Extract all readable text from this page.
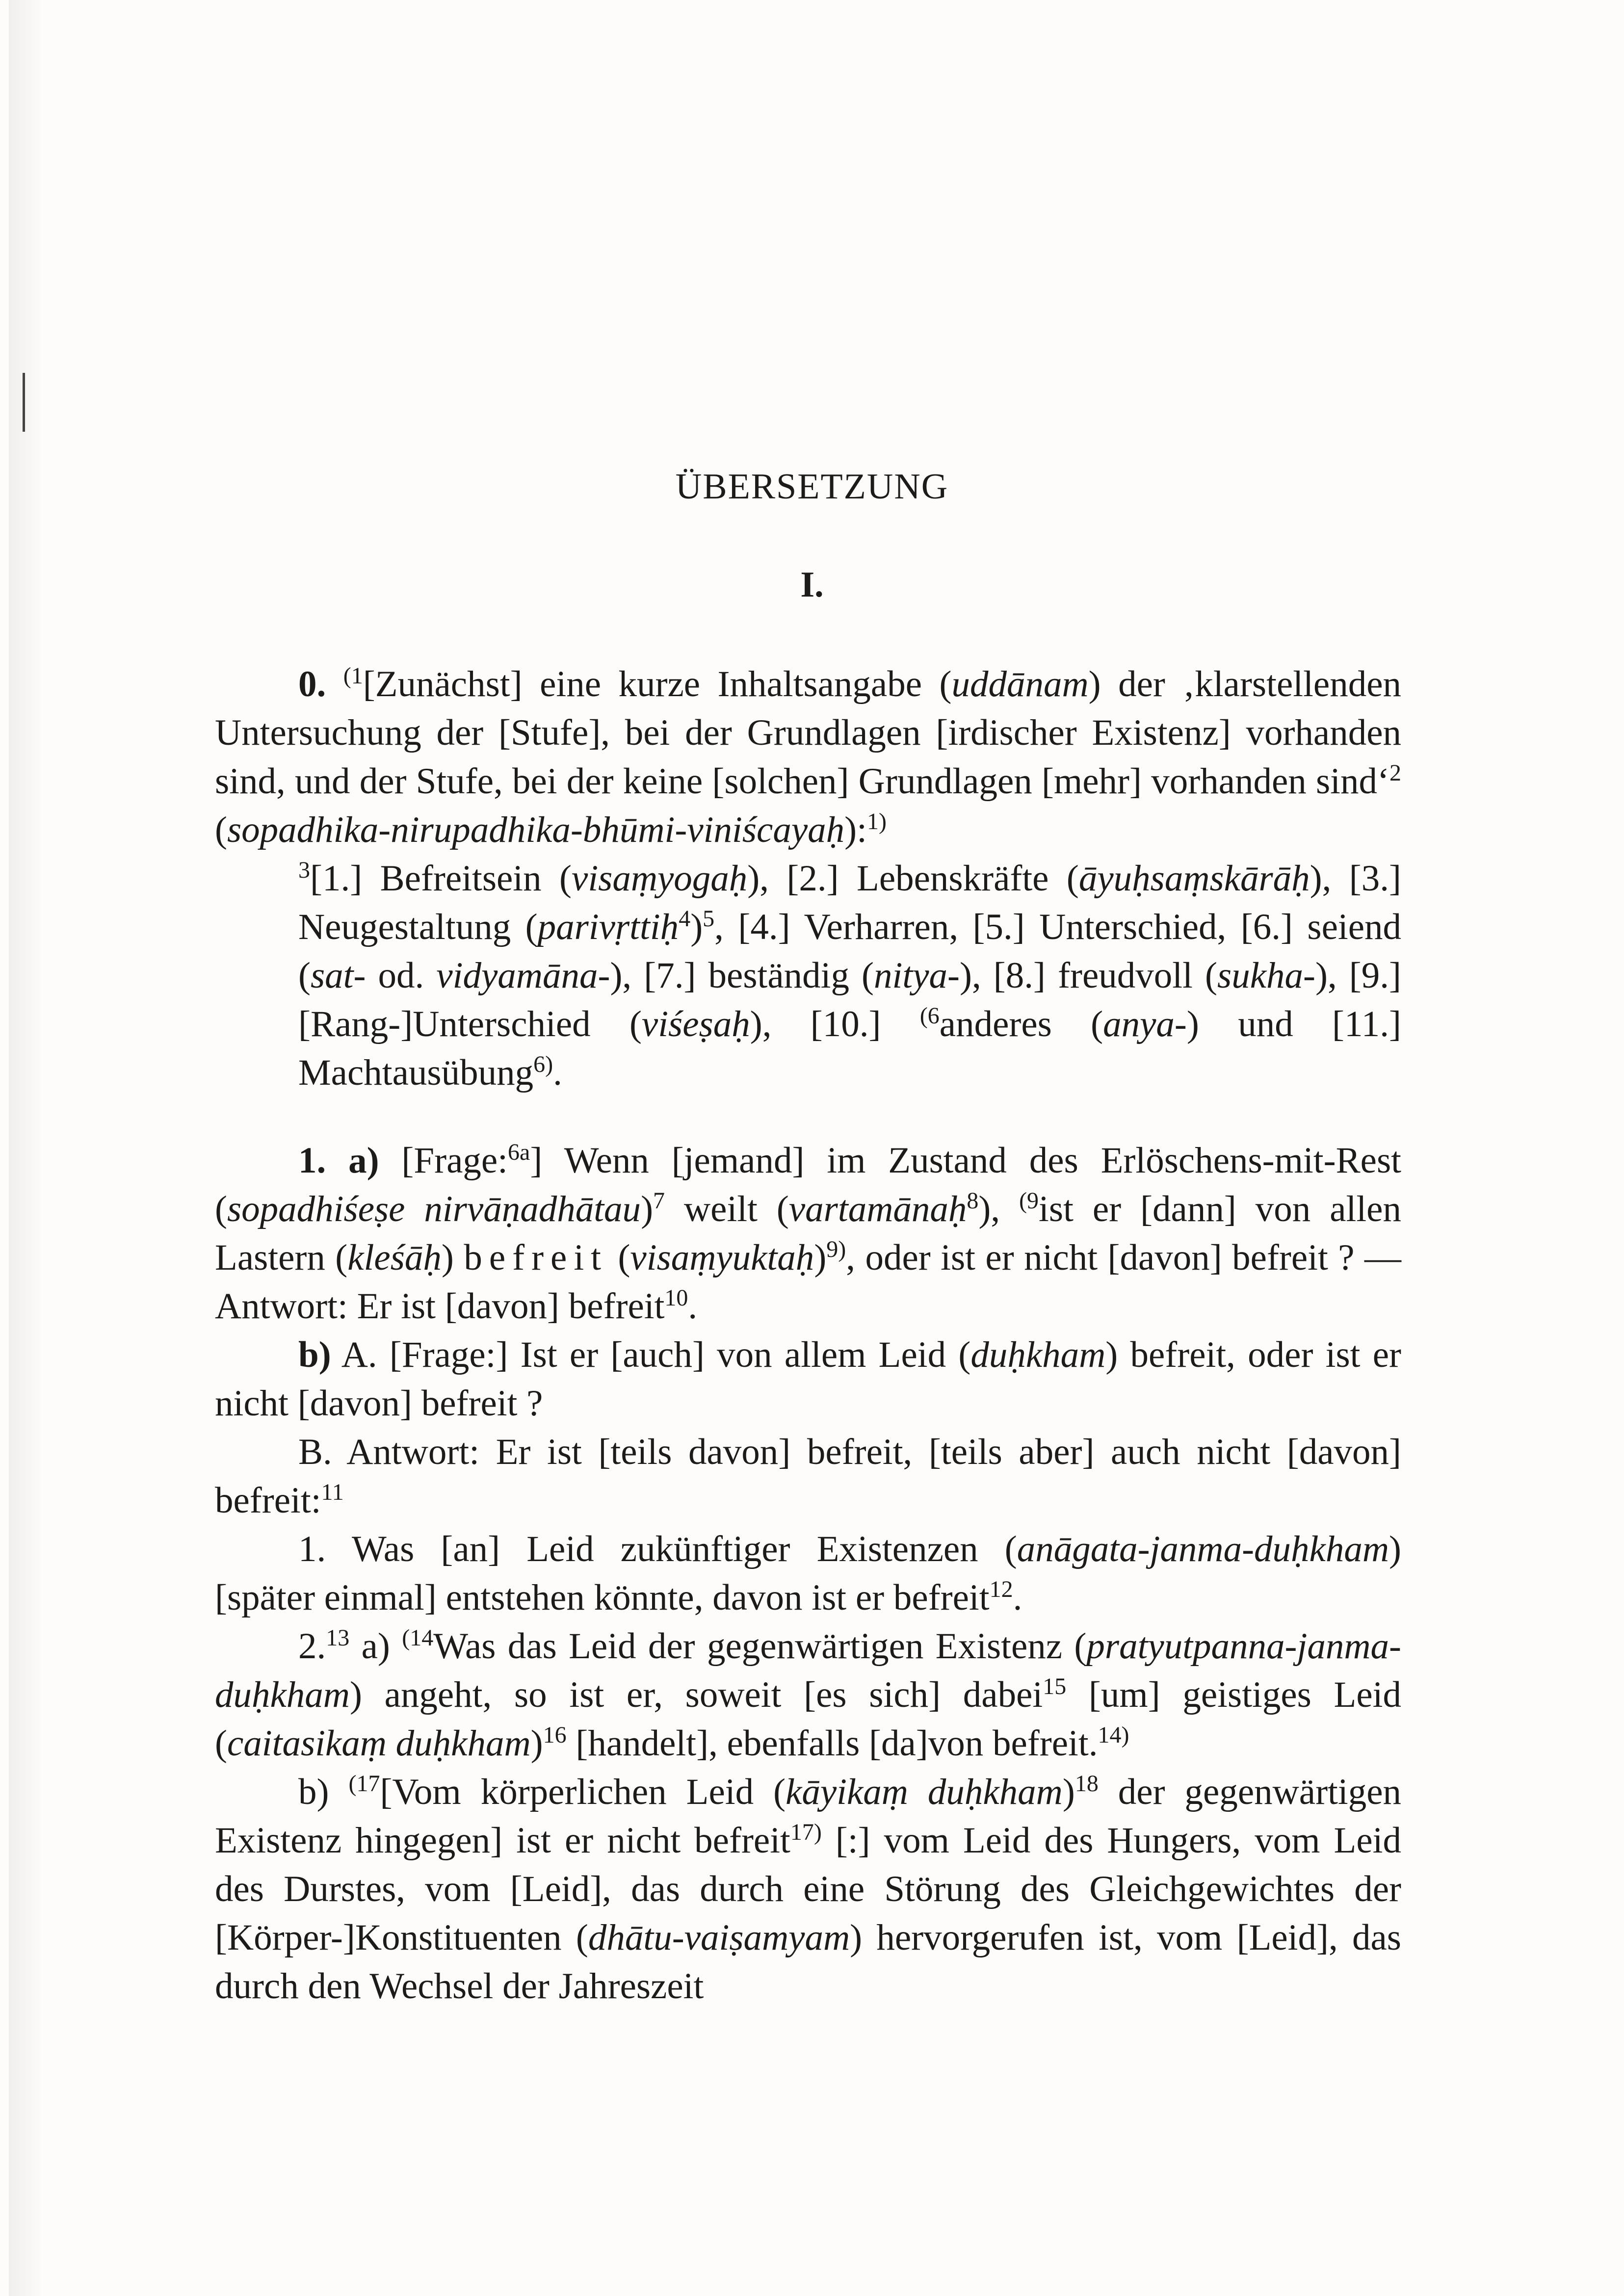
ÜBERSETZUNG
I.

0. $^{(1}$[Zunächst] eine kurze Inhaltsangabe (uddānam) der ‚klarstellenden Untersuchung der [Stufe], bei der Grundlagen [irdischer Existenz] vorhanden sind, und der Stufe, bei der keine [solchen] Grundlagen [mehr] vorhanden sind‘$^2$ (sopadhika-nirupadhika-bhūmi-viniścayaḥ):$^{1)}$

$^3$[1.] Befreitsein (visaṃyogaḥ), [2.] Lebenskräfte (āyuḥsaṃskārāḥ), [3.] Neugestaltung (parivṛttiḥ$^4$)$^5$, [4.] Verharren, [5.] Unterschied, [6.] seiend (sat- od. vidyamāna-), [7.] beständig (nitya-), [8.] freudvoll (sukha-), [9.] [Rang-]Unterschied (viśeṣaḥ), [10.] $^{(6}$anderes (anya-) und [11.] Machtausübung$^{6)}$.

1. a) [Frage:$^{6a}$] Wenn [jemand] im Zustand des Erlöschens-mit-Rest (sopadhiśeṣe nirvāṇadhātau)$^7$ weilt (vartamānaḥ$^8$), $^{(9}$ist er [dann] von allen Lastern (kleśāḥ) befreit (visaṃyuktaḥ)$^{9)}$, oder ist er nicht [davon] befreit ? — Antwort: Er ist [davon] befreit$^{10}$.

b) A. [Frage:] Ist er [auch] von allem Leid (duḥkham) befreit, oder ist er nicht [davon] befreit ?

B. Antwort: Er ist [teils davon] befreit, [teils aber] auch nicht [davon] befreit:$^{11}$

1. Was [an] Leid zukünftiger Existenzen (anāgata-janma-duḥkham) [später einmal] entstehen könnte, davon ist er befreit$^{12}$.

2.13 a) $^{(14}$Was das Leid der gegenwärtigen Existenz (pratyutpanna-janma-duḥkham) angeht, so ist er, soweit [es sich] dabei$^{15}$ [um] geistiges Leid (caitasikaṃ duḥkham)$^{16}$ [handelt], ebenfalls [da]von befreit.$^{14)}$

b) $^{(17}$[Vom körperlichen Leid (kāyikaṃ duḥkham)$^{18}$ der gegenwärtigen Existenz hingegen] ist er nicht befreit$^{17)}$ [:] vom Leid des Hungers, vom Leid des Durstes, vom [Leid], das durch eine Störung des Gleichgewichtes der [Körper-]Konstituenten (dhātu-vaiṣamyam) hervorgerufen ist, vom [Leid], das durch den Wechsel der Jahreszeit
